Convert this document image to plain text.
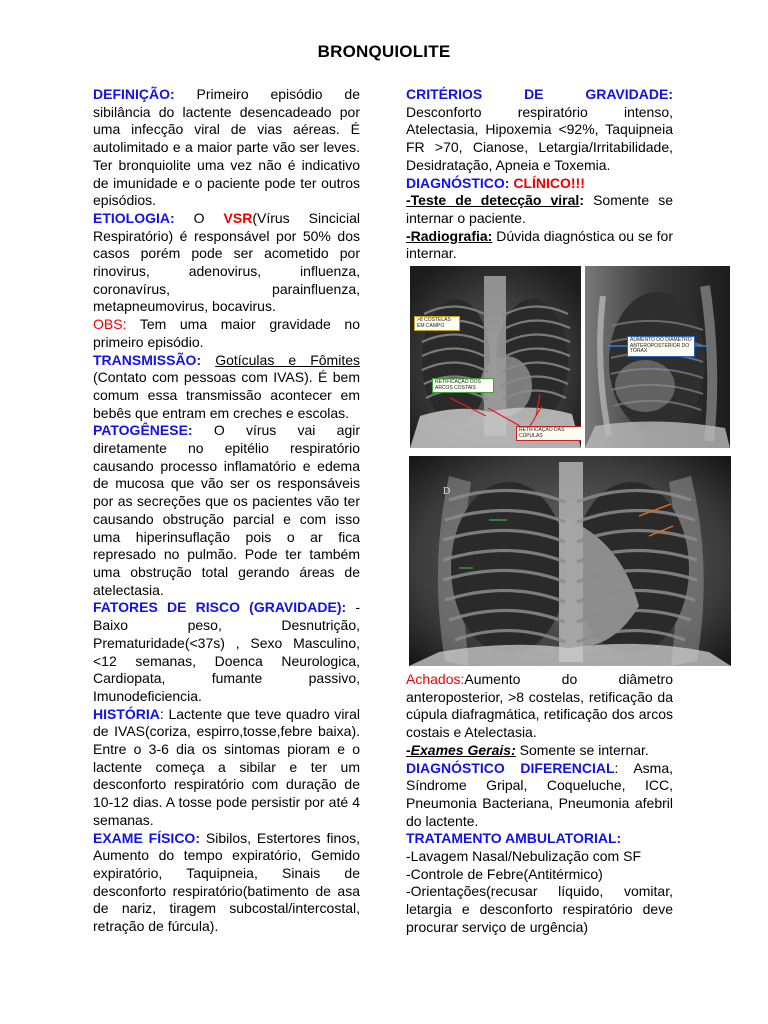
BRONQUIOLITE

DEFINIÇÃO: Primeiro episódio de sibilância do lactente desencadeado por uma infecção viral de vias aéreas. É autolimitado e a maior parte vão ser leves. Ter bronquiolite uma vez não é indicativo de imunidade e o paciente pode ter outros episódios.

ETIOLOGIA: O VSR(Vírus Sincicial Respiratório) é responsável por 50% dos casos porém pode ser acometido por rinovirus, adenovirus, influenza, coronavírus, parainfluenza, metapneumovirus, bocavirus.

OBS: Tem uma maior gravidade no primeiro episódio.

TRANSMISSÃO: Gotículas e Fômites (Contato com pessoas com IVAS). É bem comum essa transmissão acontecer em bebês que entram em creches e escolas.

PATOGÊNESE: O vírus vai agir diretamente no epitélio respiratório causando processo inflamatório e edema de mucosa que vão ser os responsáveis por as secreções que os pacientes vão ter causando obstrução parcial e com isso uma hiperinsuflação pois o ar fica represado no pulmão. Pode ter também uma obstrução total gerando áreas de atelectasia.

FATORES DE RISCO (GRAVIDADE): -Baixo peso, Desnutrição, Prematuridade(<37s) , Sexo Masculino, <12 semanas, Doenca Neurologica, Cardiopata, fumante passivo, Imunodeficiencia.

HISTÓRIA: Lactente que teve quadro viral de IVAS(coriza, espirro,tosse,febre baixa). Entre o 3-6 dia os sintomas pioram e o lactente começa a sibilar e ter um desconforto respiratório com duração de 10-12 dias. A tosse pode persistir por até 4 semanas.

EXAME FÍSICO: Sibilos, Estertores finos, Aumento do tempo expiratório, Gemido expiratório, Taquipneia, Sinais de desconforto respiratório(batimento de asa de nariz, tiragem subcostal/intercostal, retração de fúrcula).

CRITÉRIOS DE GRAVIDADE: Desconforto respiratório intenso, Atelectasia, Hipoxemia <92%, Taquipneia FR >70, Cianose, Letargia/Irritabilidade, Desidratação, Apneia e Toxemia.

DIAGNÓSTICO: CLÍNICO!!!

-Teste de detecção viral: Somente se internar o paciente.

-Radiografia: Dúvida diagnóstica ou se for internar.

>8 COSTELAS EM CAMPO
RETIFICAÇÃO DOS ARCOS COSTAIS
RETIFICAÇÃO DAS CÚPULAS
AUMENTO DO DIÂMETRO ANTEROPOSTERIOR DO TÓRAX
D

Achados:Aumento do diâmetro anteroposterior, >8 costelas, retificação da cúpula diafragmática, retificação dos arcos costais e Atelectasia.

-Exames Gerais: Somente se internar.

DIAGNÓSTICO DIFERENCIAL: Asma, Síndrome Gripal, Coqueluche, ICC, Pneumonia Bacteriana, Pneumonia afebril do lactente.

TRATAMENTO AMBULATORIAL:

-Lavagem Nasal/Nebulização com SF

-Controle de Febre(Antitérmico)

-Orientações(recusar líquido, vomitar, letargia e desconforto respiratório deve procurar serviço de urgência)
